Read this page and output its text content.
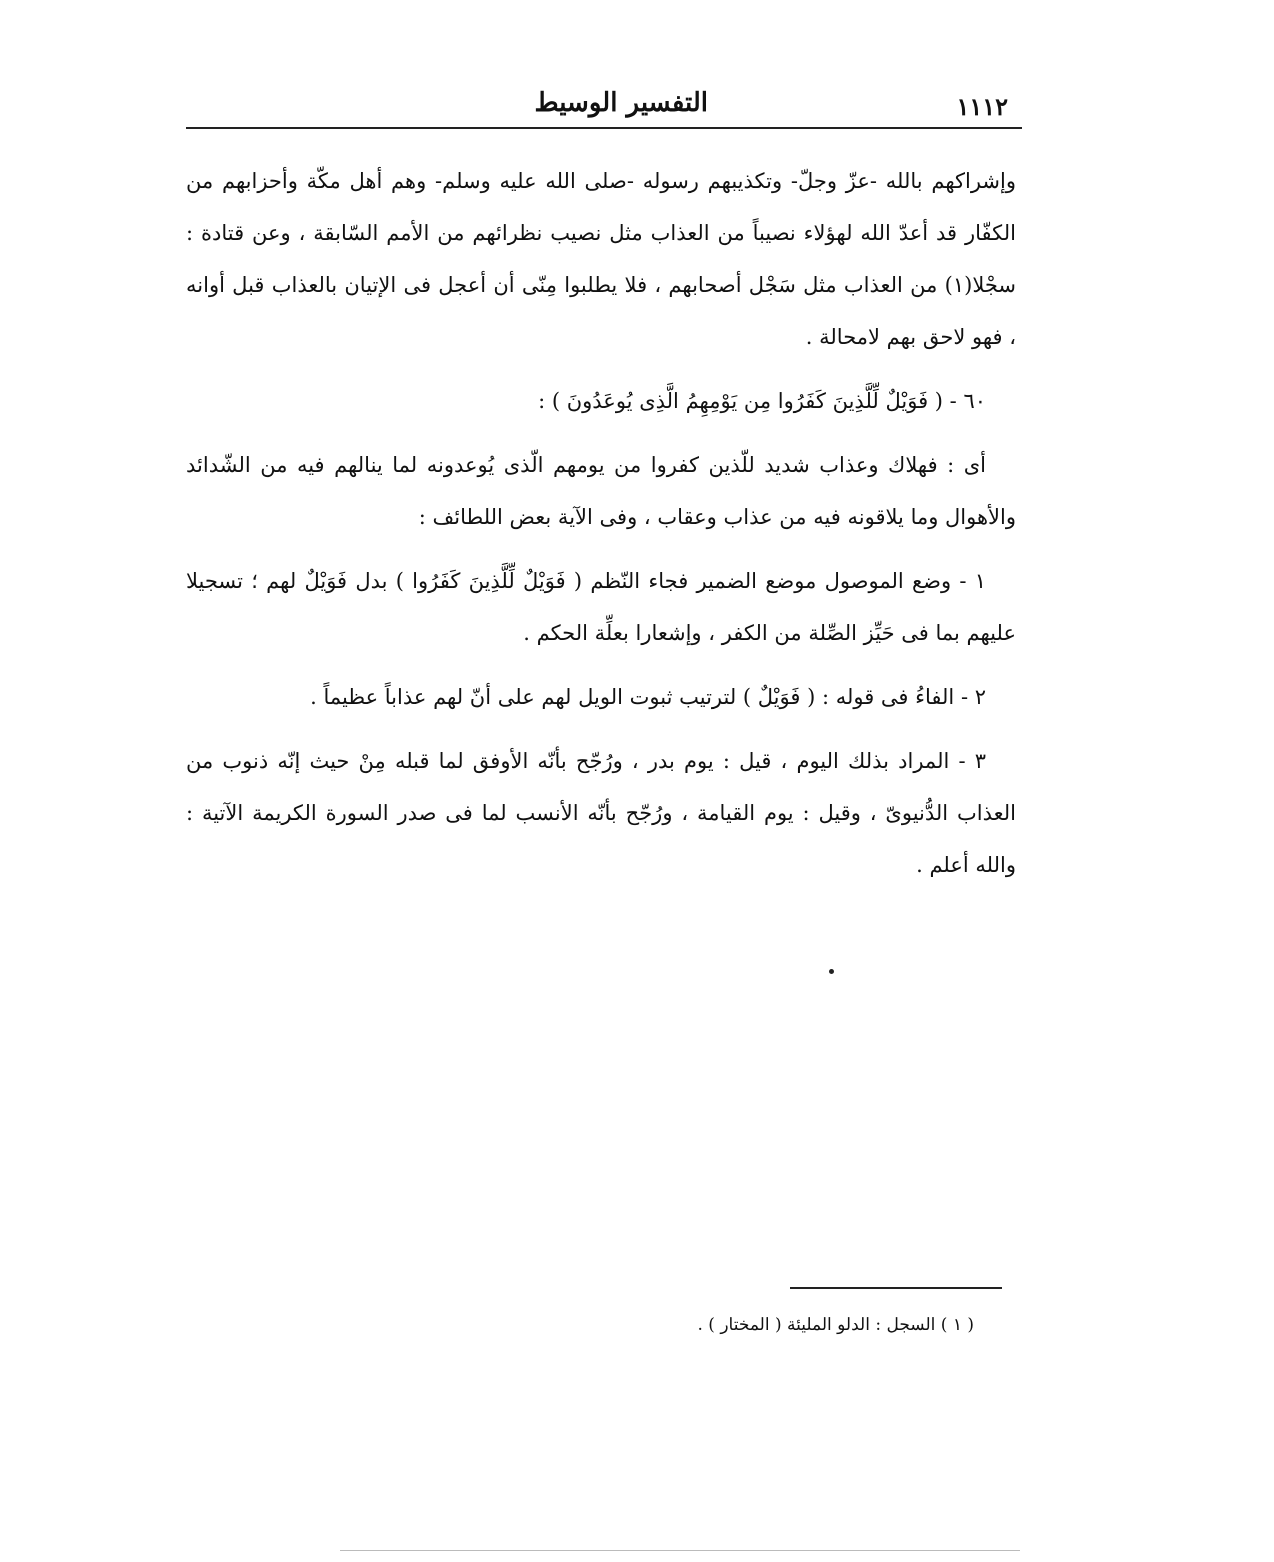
١١١٢
التفسير الوسيط

وإشراكهم بالله -عزّ وجلّ- وتكذيبهم رسوله -صلى الله عليه وسلم- وهم أهل مكّة وأحزابهم من الكفّار قد أعدّ الله لهؤلاء نصيباً من العذاب مثل نصيب نظرائهم من الأمم السّابقة ، وعن قتادة : سجْلا(١) من العذاب مثل سَجْل أصحابهم ، فلا يطلبوا مِنّى أن أعجل فى الإتيان بالعذاب قبل أوانه ، فهو لاحق بهم لامحالة .

٦٠ - ( فَوَيْلٌ لِّلَّذِينَ كَفَرُوا مِن يَوْمِهِمُ الَّذِى يُوعَدُونَ ) :

أى : فهلاك وعذاب شديد للّذين كفروا من يومهم الّذى يُوعدونه لما ينالهم فيه من الشّدائد والأهوال وما يلاقونه فيه من عذاب وعقاب ، وفى الآية بعض اللطائف :

١ - وضع الموصول موضع الضمير فجاء النّظم ( فَوَيْلٌ لِّلَّذِينَ كَفَرُوا ) بدل فَوَيْلٌ لهم ؛ تسجيلا عليهم بما فى حَيِّز الصِّلة من الكفر ، وإشعارا بعلِّة الحكم .

٢ - الفاءُ فى قوله : ( فَوَيْلٌ ) لترتيب ثبوت الويل لهم على أنّ لهم عذاباً عظيماً .

٣ - المراد بذلك اليوم ، قيل : يوم بدر ، ورُجّح بأنّه الأوفق لما قبله مِنْ حيث إنّه ذنوب من العذاب الدُّنيوىّ ، وقيل : يوم القيامة ، ورُجّح بأنّه الأنسب لما فى صدر السورة الكريمة الآتية : والله أعلم .

( ١ ) السجل : الدلو المليئة ( المختار ) .
